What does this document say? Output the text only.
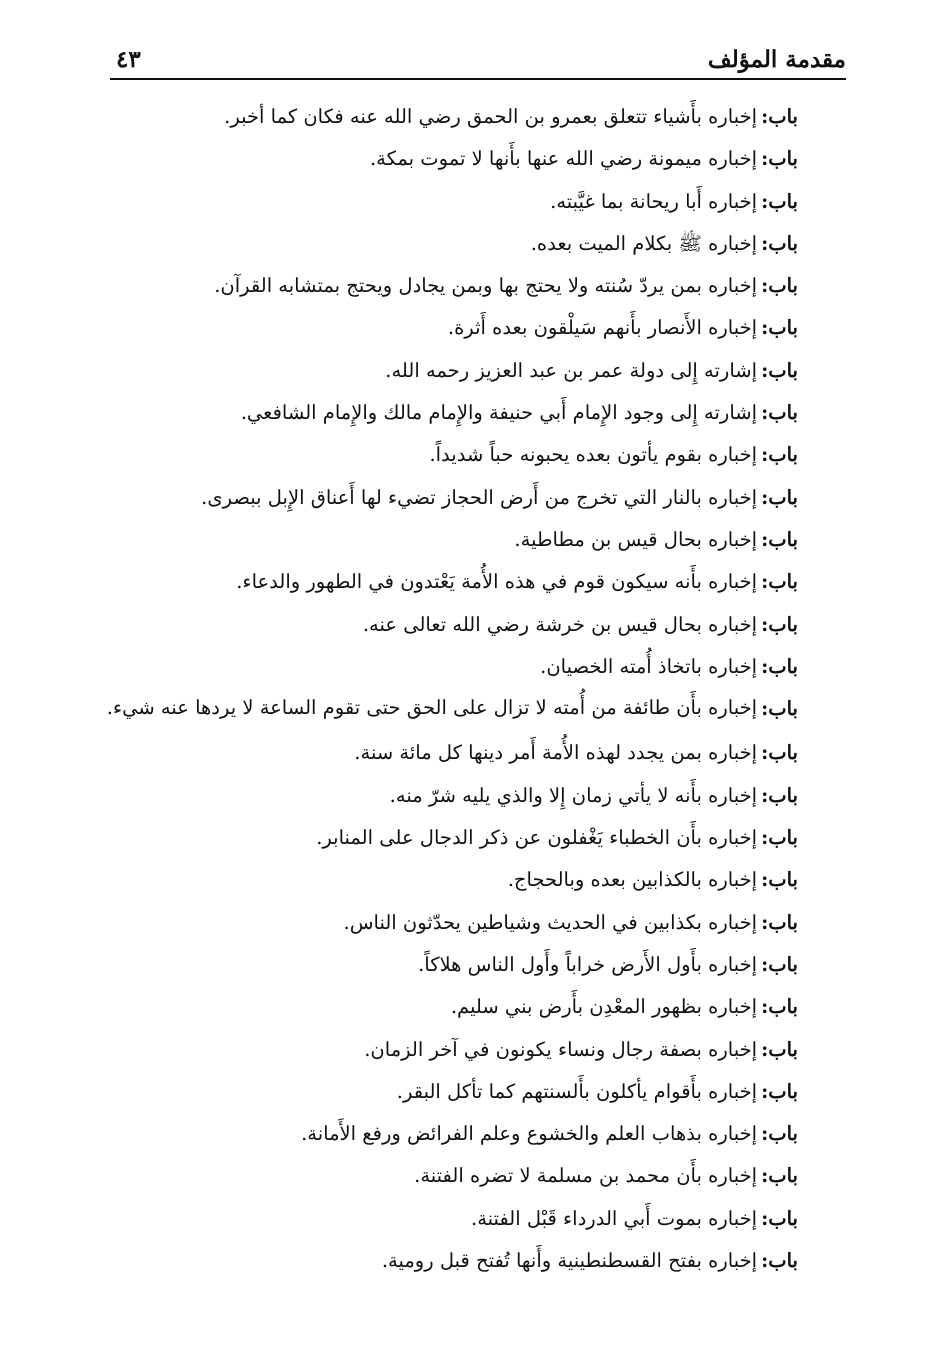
مقدمة المؤلف
٤٣
باب:
إخباره بأَشياء تتعلق بعمرو بن الحمق رضي الله عنه فكان كما أخبر.
باب:
إخباره ميمونة رضي الله عنها بأَنها لا تموت بمكة.
باب:
إخباره أَبا ريحانة بما غيَّبته.
باب:
إخباره ﷺ بكلام الميت بعده.
باب:
إخباره بمن يردّ سُنته ولا يحتج بها وبمن يجادل ويحتج بمتشابه القرآن.
باب:
إخباره الأَنصار بأَنهم سَيلْقون بعده أَثرة.
باب:
إشارته إِلى دولة عمر بن عبد العزيز رحمه الله.
باب:
إشارته إِلى وجود الإِمام أَبي حنيفة والإِمام مالك والإِمام الشافعي.
باب:
إخباره بقوم يأتون بعده يحبونه حباً شديداً.
باب:
إخباره بالنار التي تخرج من أَرض الحجاز تضيء لها أَعناق الإِبل ببصرى.
باب:
إخباره بحال قيس بن مطاطية.
باب:
إخباره بأَنه سيكون قوم في هذه الأُمة يَعْتدون في الطهور والدعاء.
باب:
إخباره بحال قيس بن خرشة رضي الله تعالى عنه.
باب:
إخباره باتخاذ أُمته الخصيان.
باب:
إخباره بأَن طائفة من أُمته لا تزال على الحق حتى تقوم الساعة لا يردها عنه شيء.
باب:
إخباره بمن يجدد لهذه الأُمة أَمر دينها كل مائة سنة.
باب:
إخباره بأَنه لا يأتي زمان إِلا والذي يليه شرّ منه.
باب:
إخباره بأَن الخطباء يَغْفلون عن ذكر الدجال على المنابر.
باب:
إخباره بالكذابين بعده وبالحجاج.
باب:
إخباره بكذابين في الحديث وشياطين يحدّثون الناس.
باب:
إخباره بأَول الأَرض خراباً وأَول الناس هلاكاً.
باب:
إخباره بظهور المعْدِن بأَرض بني سليم.
باب:
إخباره بصفة رجال ونساء يكونون في آخر الزمان.
باب:
إخباره بأَقوام يأكلون بأَلسنتهم كما تأكل البقر.
باب:
إخباره بذهاب العلم والخشوع وعلم الفرائض ورفع الأَمانة.
باب:
إخباره بأَن محمد بن مسلمة لا تضره الفتنة.
باب:
إخباره بموت أَبي الدرداء قَبْل الفتنة.
باب:
إخباره بفتح القسطنطينية وأَنها تُفتح قبل رومية.
